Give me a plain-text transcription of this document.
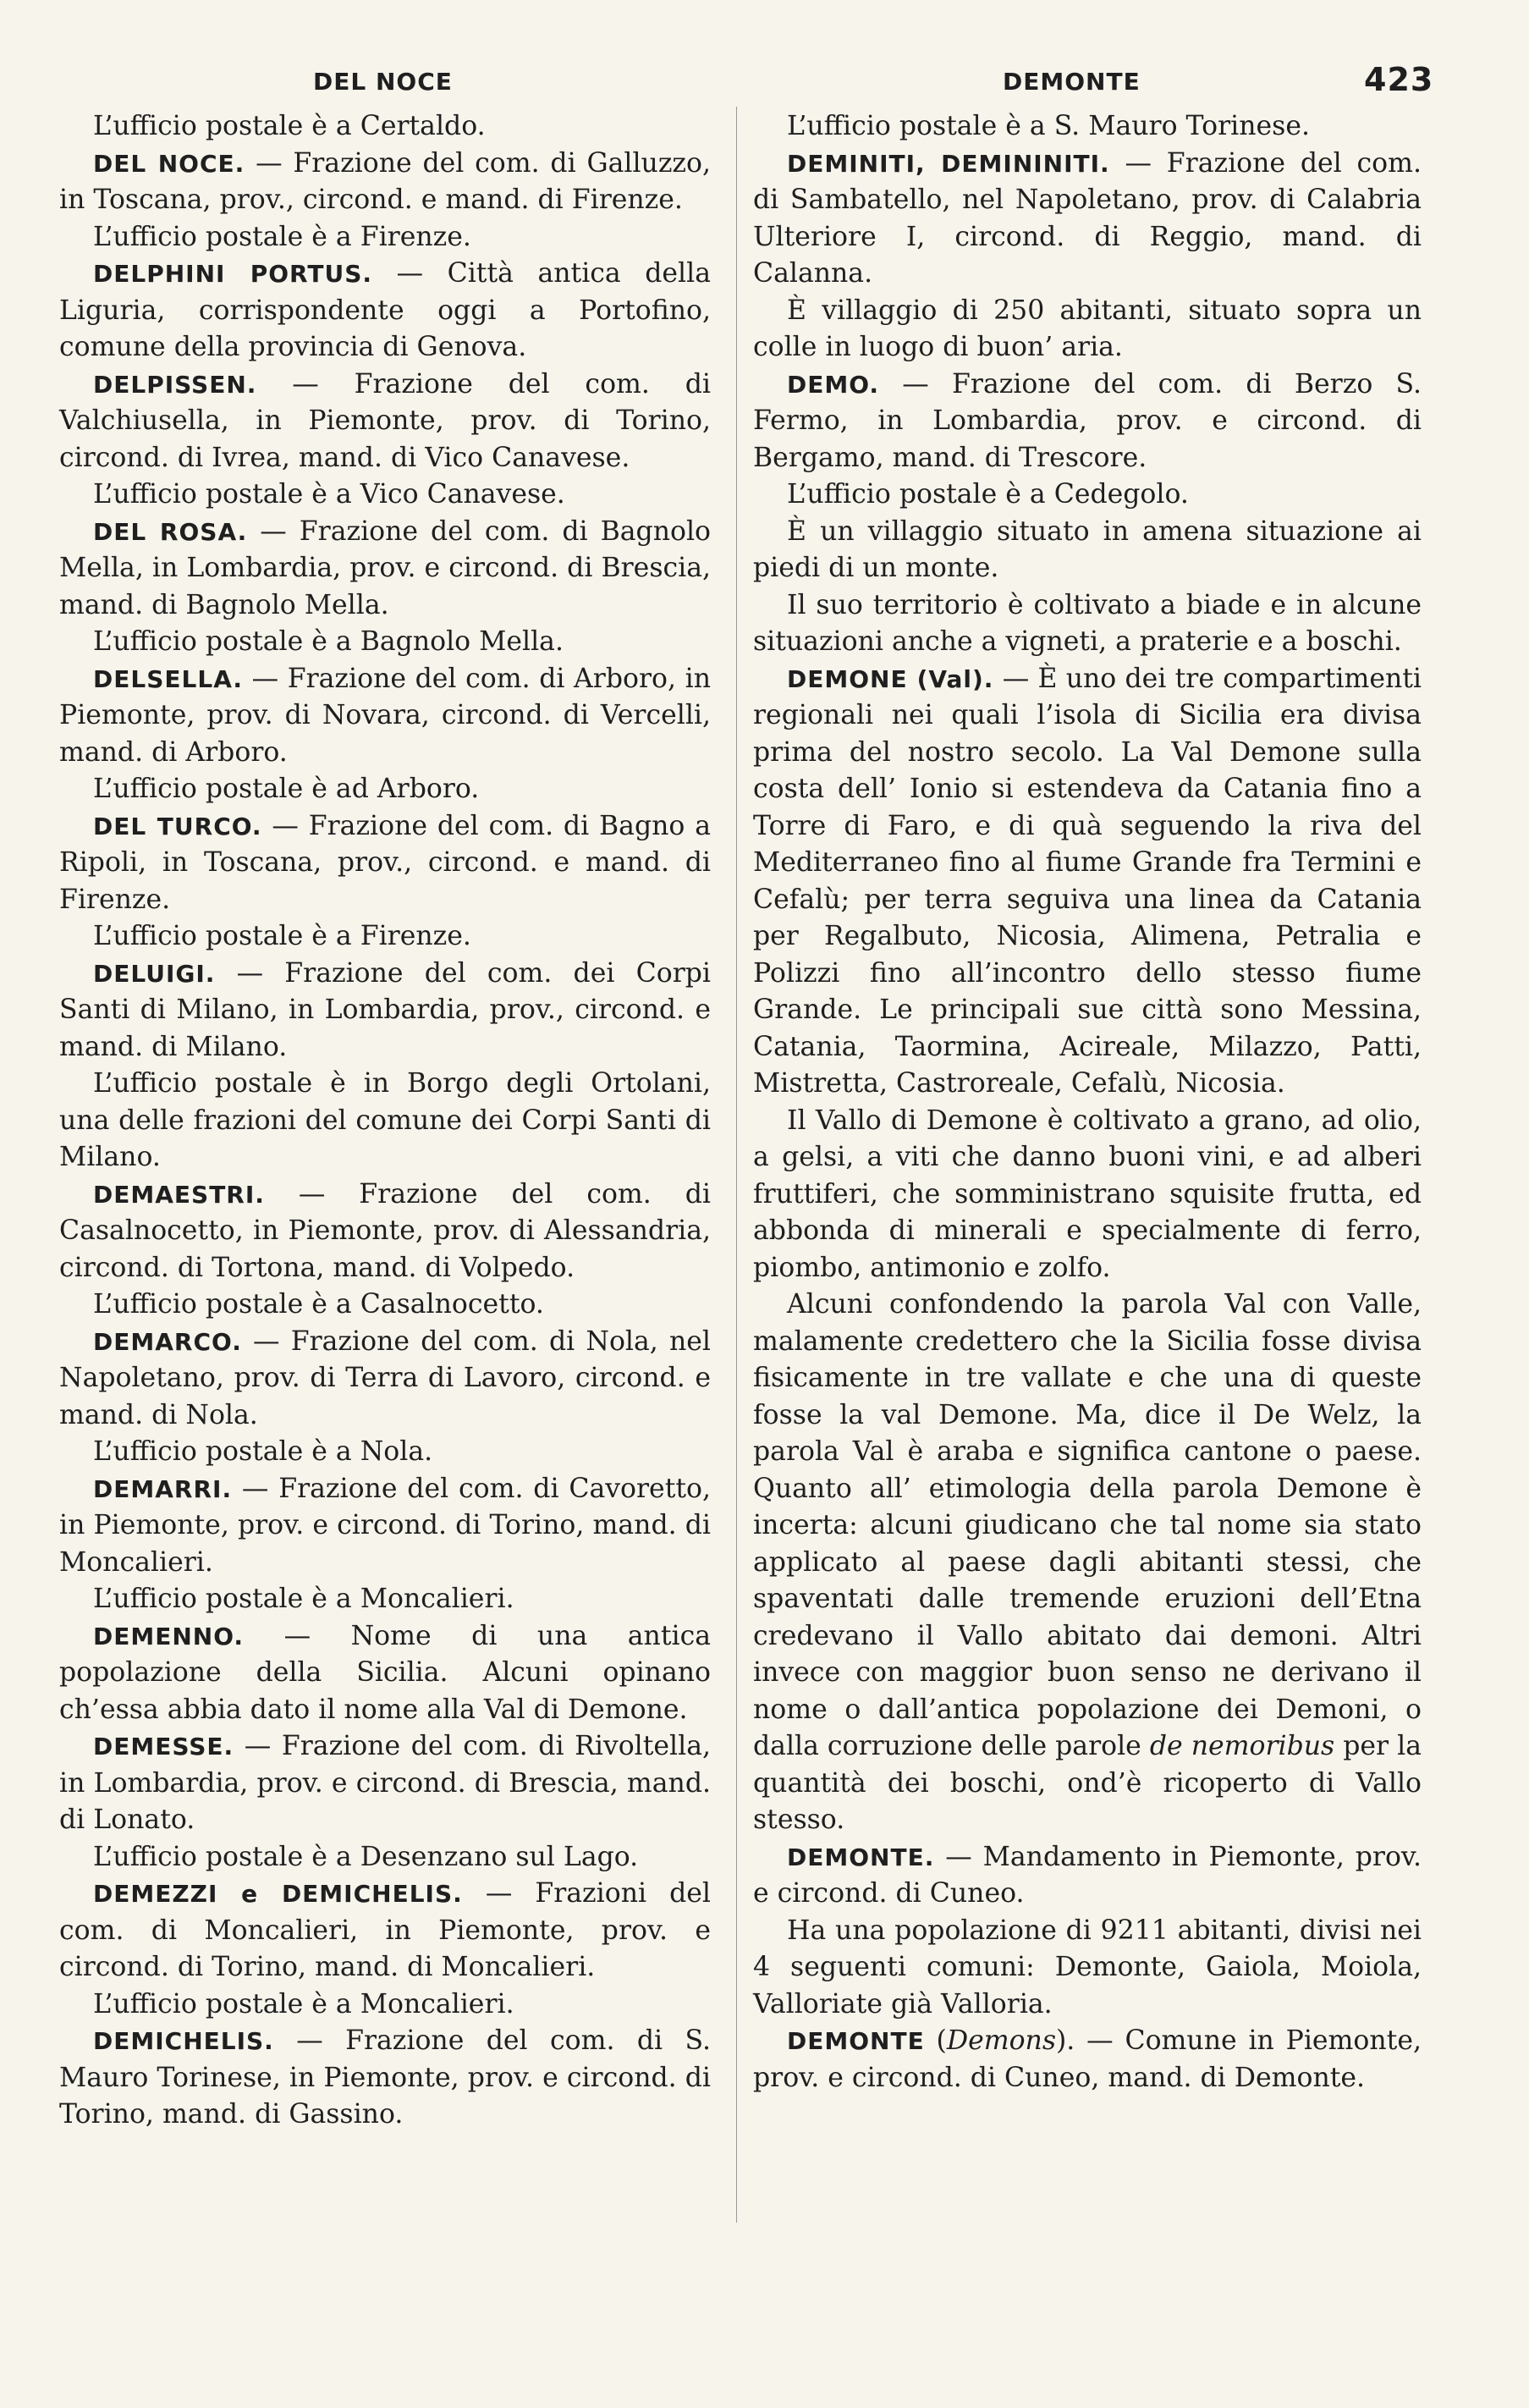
DEL NOCE	DEMONTE	423

L’ufficio postale è a Certaldo.

DEL NOCE. — Frazione del com. di Galluzzo, in Toscana, prov., circond. e mand. di Firenze.

L’ufficio postale è a Firenze.

DELPHINI PORTUS. — Città antica della Liguria, corrispondente oggi a Portofino, comune della provincia di Genova.

DELPISSEN. — Frazione del com. di Valchiusella, in Piemonte, prov. di Torino, circond. di Ivrea, mand. di Vico Canavese.

L’ufficio postale è a Vico Canavese.

DEL ROSA. — Frazione del com. di Bagnolo Mella, in Lombardia, prov. e circond. di Brescia, mand. di Bagnolo Mella.

L’ufficio postale è a Bagnolo Mella.

DELSELLA. — Frazione del com. di Arboro, in Piemonte, prov. di Novara, circond. di Vercelli, mand. di Arboro.

L’ufficio postale è ad Arboro.

DEL TURCO. — Frazione del com. di Bagno a Ripoli, in Toscana, prov., circond. e mand. di Firenze.

L’ufficio postale è a Firenze.

DELUIGI. — Frazione del com. dei Corpi Santi di Milano, in Lombardia, prov., circond. e mand. di Milano.

L’ufficio postale è in Borgo degli Ortolani, una delle frazioni del comune dei Corpi Santi di Milano.

DEMAESTRI. — Frazione del com. di Casalnocetto, in Piemonte, prov. di Alessandria, circond. di Tortona, mand. di Volpedo.

L’ufficio postale è a Casalnocetto.

DEMARCO. — Frazione del com. di Nola, nel Napoletano, prov. di Terra di Lavoro, circond. e mand. di Nola.

L’ufficio postale è a Nola.

DEMARRI. — Frazione del com. di Cavoretto, in Piemonte, prov. e circond. di Torino, mand. di Moncalieri.

L’ufficio postale è a Moncalieri.

DEMENNO. — Nome di una antica popolazione della Sicilia. Alcuni opinano ch’essa abbia dato il nome alla Val di Demone.

DEMESSE. — Frazione del com. di Rivoltella, in Lombardia, prov. e circond. di Brescia, mand. di Lonato.

L’ufficio postale è a Desenzano sul Lago.

DEMEZZI e DEMICHELIS. — Frazioni del com. di Moncalieri, in Piemonte, prov. e circond. di Torino, mand. di Moncalieri.

L’ufficio postale è a Moncalieri.

DEMICHELIS. — Frazione del com. di S. Mauro Torinese, in Piemonte, prov. e circond. di Torino, mand. di Gassino.

L’ufficio postale è a S. Mauro Torinese.

DEMINITI, DEMININITI. — Frazione del com. di Sambatello, nel Napoletano, prov. di Calabria Ulteriore I, circond. di Reggio, mand. di Calanna.

È villaggio di 250 abitanti, situato sopra un colle in luogo di buon’ aria.

DEMO. — Frazione del com. di Berzo S. Fermo, in Lombardia, prov. e circond. di Bergamo, mand. di Trescore.

L’ufficio postale è a Cedegolo.

È un villaggio situato in amena situazione ai piedi di un monte.

Il suo territorio è coltivato a biade e in alcune situazioni anche a vigneti, a praterie e a boschi.

DEMONE (Val). — È uno dei tre compartimenti regionali nei quali l’isola di Sicilia era divisa prima del nostro secolo. La Val Demone sulla costa dell’ Ionio si estendeva da Catania fino a Torre di Faro, e di quà seguendo la riva del Mediterraneo fino al fiume Grande fra Termini e Cefalù; per terra seguiva una linea da Catania per Regalbuto, Nicosia, Alimena, Petralia e Polizzi fino all’incontro dello stesso fiume Grande. Le principali sue città sono Messina, Catania, Taormina, Acireale, Milazzo, Patti, Mistretta, Castroreale, Cefalù, Nicosia.

Il Vallo di Demone è coltivato a grano, ad olio, a gelsi, a viti che danno buoni vini, e ad alberi fruttiferi, che somministrano squisite frutta, ed abbonda di minerali e specialmente di ferro, piombo, antimonio e zolfo.

Alcuni confondendo la parola Val con Valle, malamente credettero che la Sicilia fosse divisa fisicamente in tre vallate e che una di queste fosse la val Demone. Ma, dice il De Welz, la parola Val è araba e significa cantone o paese. Quanto all’ etimologia della parola Demone è incerta: alcuni giudicano che tal nome sia stato applicato al paese dagli abitanti stessi, che spaventati dalle tremende eruzioni dell’Etna credevano il Vallo abitato dai demoni. Altri invece con maggior buon senso ne derivano il nome o dall’antica popolazione dei Demoni, o dalla corruzione delle parole de nemoribus per la quantità dei boschi, ond’è ricoperto di Vallo stesso.

DEMONTE. — Mandamento in Piemonte, prov. e circond. di Cuneo.

Ha una popolazione di 9211 abitanti, divisi nei 4 seguenti comuni: Demonte, Gaiola, Moiola, Valloriate già Valloria.

DEMONTE (Demons). — Comune in Piemonte, prov. e circond. di Cuneo, mand. di Demonte.
